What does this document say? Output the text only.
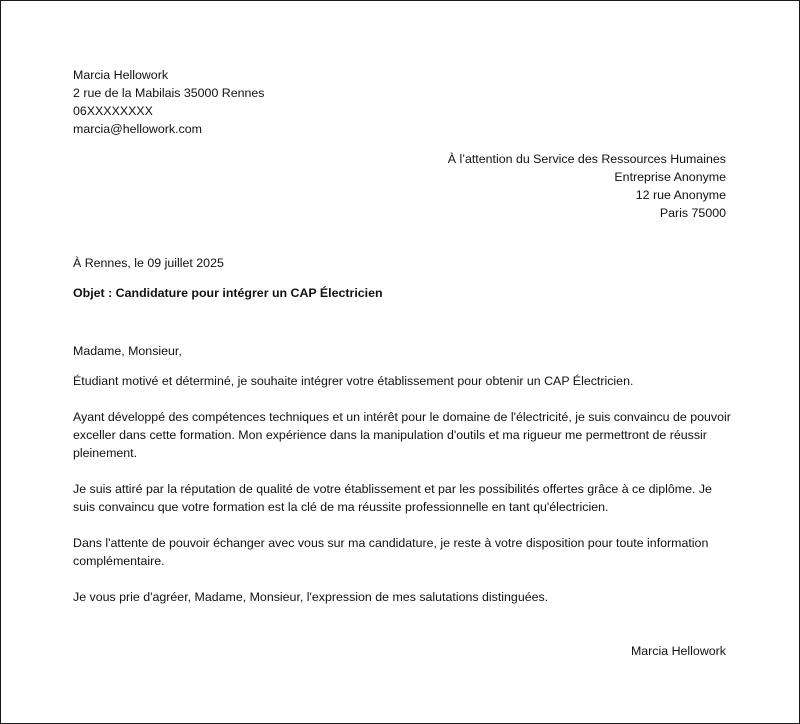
Marcia Hellowork
2 rue de la Mabilais 35000 Rennes
06XXXXXXXX
marcia@hellowork.com
À l’attention du Service des Ressources Humaines
Entreprise Anonyme
12 rue Anonyme
Paris 75000
À Rennes, le 09 juillet 2025
Objet : Candidature pour intégrer un CAP Électricien

Madame, Monsieur,

Étudiant motivé et déterminé, je souhaite intégrer votre établissement pour obtenir un CAP Électricien.

Ayant développé des compétences techniques et un intérêt pour le domaine de l'électricité, je suis convaincu de pouvoir exceller dans cette formation. Mon expérience dans la manipulation d'outils et ma rigueur me permettront de réussir pleinement.

Je suis attiré par la réputation de qualité de votre établissement et par les possibilités offertes grâce à ce diplôme. Je suis convaincu que votre formation est la clé de ma réussite professionnelle en tant qu'électricien.

Dans l'attente de pouvoir échanger avec vous sur ma candidature, je reste à votre disposition pour toute information complémentaire.

Je vous prie d'agréer, Madame, Monsieur, l'expression de mes salutations distinguées.

Marcia Hellowork
